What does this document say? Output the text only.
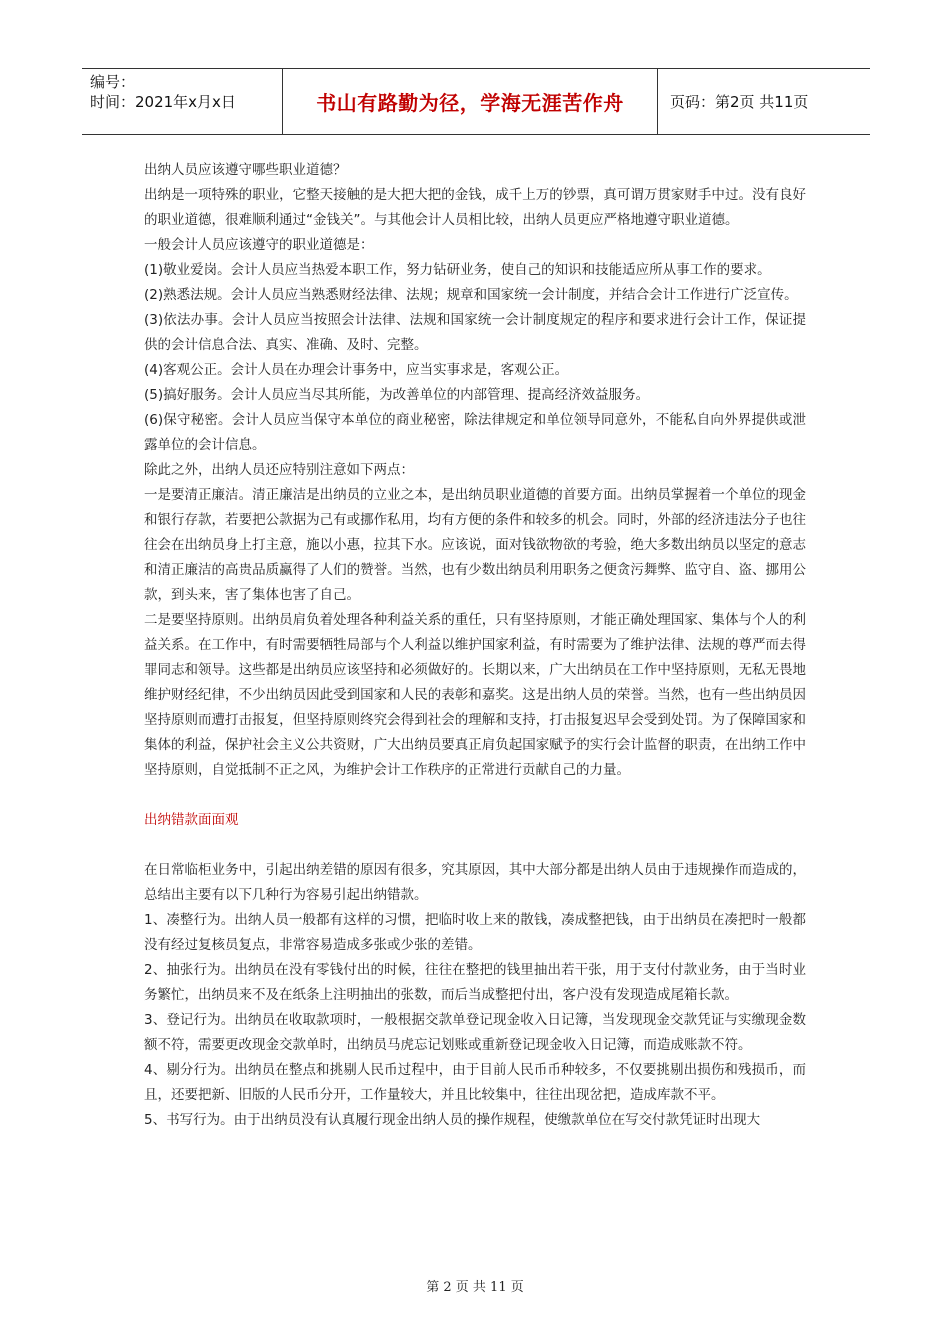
编号：
时间：2021年x月x日	书山有路勤为径，学海无涯苦作舟	页码：第2页 共11页

出纳人员应该遵守哪些职业道德？

出纳是一项特殊的职业，它整天接触的是大把大把的金钱，成千上万的钞票，真可谓万贯家财手中过。没有良好的职业道德，很难顺利通过“金钱关”。与其他会计人员相比较，出纳人员更应严格地遵守职业道德。

一般会计人员应该遵守的职业道德是：

(1)敬业爱岗。会计人员应当热爱本职工作，努力钻研业务，使自己的知识和技能适应所从事工作的要求。

(2)熟悉法规。会计人员应当熟悉财经法律、法规；规章和国家统一会计制度，并结合会计工作进行广泛宣传。

(3)依法办事。会计人员应当按照会计法律、法规和国家统一会计制度规定的程序和要求进行会计工作，保证提供的会计信息合法、真实、准确、及时、完整。

(4)客观公正。会计人员在办理会计事务中，应当实事求是，客观公正。

(5)搞好服务。会计人员应当尽其所能，为改善单位的内部管理、提高经济效益服务。

(6)保守秘密。会计人员应当保守本单位的商业秘密，除法律规定和单位领导同意外，不能私自向外界提供或泄露单位的会计信息。

除此之外，出纳人员还应特别注意如下两点：

一是要清正廉洁。清正廉洁是出纳员的立业之本，是出纳员职业道德的首要方面。出纳员掌握着一个单位的现金和银行存款，若要把公款据为己有或挪作私用，均有方便的条件和较多的机会。同时，外部的经济违法分子也往往会在出纳员身上打主意，施以小惠，拉其下水。应该说，面对钱欲物欲的考验，绝大多数出纳员以坚定的意志和清正廉洁的高贵品质赢得了人们的赞誉。当然，也有少数出纳员利用职务之便贪污舞弊、监守自、盗、挪用公款，到头来，害了集体也害了自己。

二是要坚持原则。出纳员肩负着处理各种利益关系的重任，只有坚持原则，才能正确处理国家、集体与个人的利益关系。在工作中，有时需要牺牲局部与个人利益以维护国家利益，有时需要为了维护法律、法规的尊严而去得罪同志和领导。这些都是出纳员应该坚持和必须做好的。长期以来，广大出纳员在工作中坚持原则，无私无畏地维护财经纪律，不少出纳员因此受到国家和人民的表彰和嘉奖。这是出纳人员的荣誉。当然，也有一些出纳员因坚持原则而遭打击报复，但坚持原则终究会得到社会的理解和支持，打击报复迟早会受到处罚。为了保障国家和集体的利益，保护社会主义公共资财，广大出纳员要真正肩负起国家赋予的实行会计监督的职责，在出纳工作中坚持原则，自觉抵制不正之风，为维护会计工作秩序的正常进行贡献自己的力量。

出纳错款面面观

在日常临柜业务中，引起出纳差错的原因有很多，究其原因，其中大部分都是出纳人员由于违规操作而造成的，总结出主要有以下几种行为容易引起出纳错款。

1、凑整行为。出纳人员一般都有这样的习惯，把临时收上来的散钱，凑成整把钱，由于出纳员在凑把时一般都没有经过复核员复点，非常容易造成多张或少张的差错。

2、抽张行为。出纳员在没有零钱付出的时候，往往在整把的钱里抽出若干张，用于支付付款业务，由于当时业务繁忙，出纳员来不及在纸条上注明抽出的张数，而后当成整把付出，客户没有发现造成尾箱长款。

3、登记行为。出纳员在收取款项时，一般根据交款单登记现金收入日记簿，当发现现金交款凭证与实缴现金数额不符，需要更改现金交款单时，出纳员马虎忘记划账或重新登记现金收入日记簿，而造成账款不符。

4、剔分行为。出纳员在整点和挑剔人民币过程中，由于目前人民币币种较多，不仅要挑剔出损伤和残损币，而且，还要把新、旧版的人民币分开，工作量较大，并且比较集中，往往出现岔把，造成库款不平。

5、书写行为。由于出纳员没有认真履行现金出纳人员的操作规程，使缴款单位在写交付款凭证时出现大

第 2 页 共 11 页
